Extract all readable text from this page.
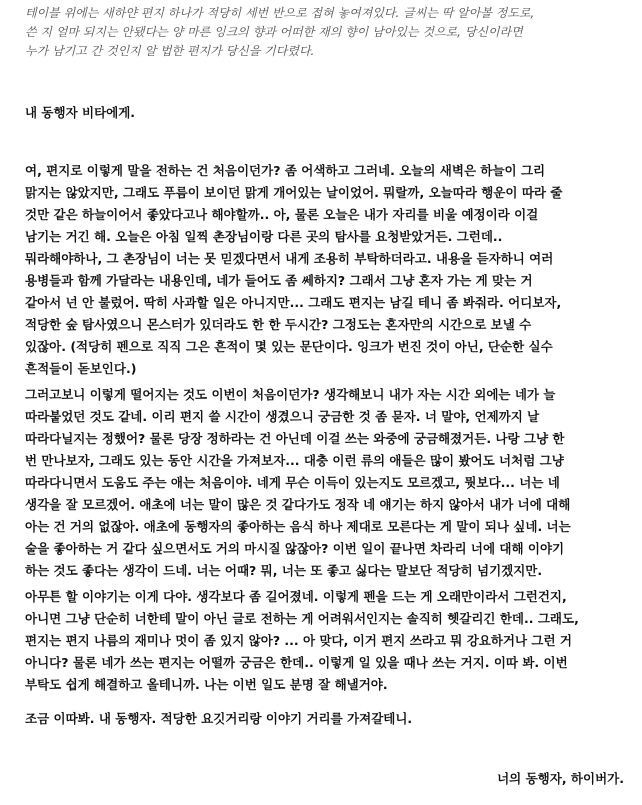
테이블 위에는 새하얀 편지 하나가 적당히 세번 반으로 접혀 놓여져있다. 글씨는 딱 알아볼 정도로,
쓴 지 얼마 되지는 안됐다는 양 마른 잉크의 향과 어떠한 재의 향이 남아있는 것으로, 당신이라면
누가 남기고 간 것인지 알 법한 편지가 당신을 기다렸다.
내 동행자 비타에게.
여, 편지로 이렇게 말을 전하는 건 처음이던가? 좀 어색하고 그러네. 오늘의 새벽은 하늘이 그리
맑지는 않았지만, 그래도 푸름이 보이던 맑게 개어있는 날이었어. 뭐랄까, 오늘따라 행운이 따라 줄
것만 같은 하늘이어서 좋았다고나 해야할까.. 아, 물론 오늘은 내가 자리를 비울 예정이라 이걸
남기는 거긴 해. 오늘은 아침 일찍 촌장님이랑 다른 곳의 탐사를 요청받았거든. 그런데..
뭐라해야하나, 그 촌장님이 너는 못 믿겠다면서 내게 조용히 부탁하더라고. 내용을 듣자하니 여러
용병들과 함께 가달라는 내용인데, 네가 들어도 좀 쎄하지? 그래서 그냥 혼자 가는 게 맞는 거
같아서 넌 안 불렀어. 딱히 사과할 일은 아니지만... 그래도 편지는 남길 테니 좀 봐줘라. 어디보자,
적당한 숲 탐사였으니 몬스터가 있더라도 한 한 두시간? 그정도는 혼자만의 시간으로 보낼 수
있잖아. (적당히 펜으로 직직 그은 흔적이 몇 있는 문단이다. 잉크가 번진 것이 아닌, 단순한 실수
흔적들이 돋보인다.)
그러고보니 이렇게 떨어지는 것도 이번이 처음이던가? 생각해보니 내가 자는 시간 외에는 네가 늘
따라붙었던 것도 같네. 이리 편지 쓸 시간이 생겼으니 궁금한 것 좀 묻자. 너 말야, 언제까지 날
따라다닐지는 정했어? 물론 당장 정하라는 건 아닌데 이걸 쓰는 와중에 궁금해졌거든. 나랑 그냥 한
번 만나보자, 그래도 있는 동안 시간을 가져보자... 대충 이런 류의 애들은 많이 봤어도 너처럼 그냥
따라다니면서 도움도 주는 애는 처음이야. 네게 무슨 이득이 있는지도 모르겠고, 뭣보다... 너는 네
생각을 잘 모르겠어. 애초에 너는 말이 많은 것 같다가도 정작 네 얘기는 하지 않아서 내가 너에 대해
아는 건 거의 없잖아. 애초에 동행자의 좋아하는 음식 하나 제대로 모른다는 게 말이 되나 싶네. 너는
술을 좋아하는 거 같다 싶으면서도 거의 마시질 않잖아? 이번 일이 끝나면 차라리 너에 대해 이야기
하는 것도 좋다는 생각이 드네. 너는 어때? 뭐, 너는 또 좋고 싫다는 말보단 적당히 넘기겠지만.
아무튼 할 이야기는 이게 다야. 생각보다 좀 길어졌네. 이렇게 펜을 드는 게 오래만이라서 그런건지,
아니면 그냥 단순히 너한테 말이 아닌 글로 전하는 게 어려워서인지는 솔직히 헷갈리긴 한데.. 그래도,
편지는 편지 나름의 재미나 멋이 좀 있지 않아? ... 아 맞다, 이거 편지 쓰라고 뭐 강요하거나 그런 거
아니다? 물론 네가 쓰는 편지는 어떨까 궁금은 한데.. 이렇게 일 있을 때나 쓰는 거지. 이따 봐. 이번
부탁도 쉽게 해결하고 올테니까. 나는 이번 일도 분명 잘 해낼거야.
조금 이따봐. 내 동행자. 적당한 요깃거리랑 이야기 거리를 가져갈테니.
너의 동행자, 하이버가.
